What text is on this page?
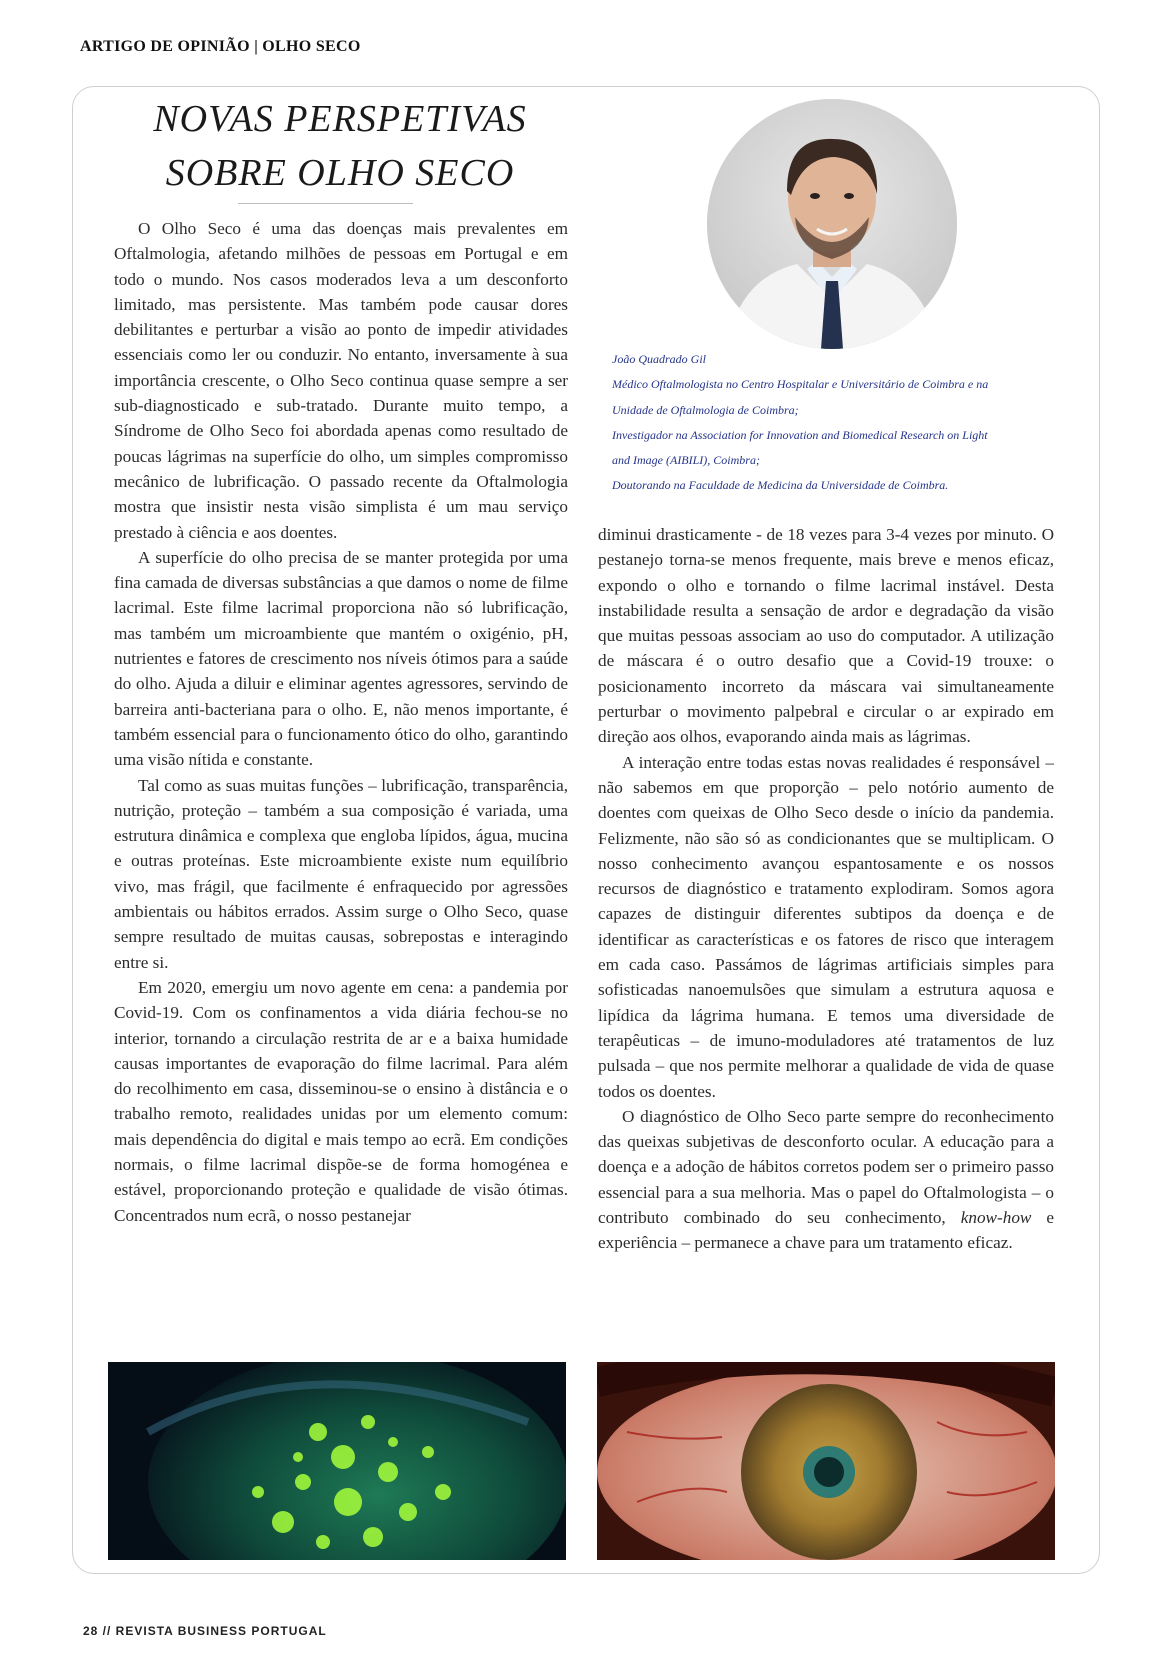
ARTIGO DE OPINIÃO | OLHO SECO
NOVAS PERSPETIVAS
SOBRE OLHO SECO

O Olho Seco é uma das doenças mais prevalentes em Oftalmologia, afetando milhões de pessoas em Portugal e em todo o mundo. Nos casos moderados leva a um desconforto limitado, mas persistente. Mas também pode causar dores debilitantes e perturbar a visão ao ponto de impedir atividades essenciais como ler ou conduzir. No entanto, inversamente à sua importância crescente, o Olho Seco continua quase sempre a ser sub-diagnosticado e sub-tratado. Durante muito tempo, a Síndrome de Olho Seco foi abordada apenas como resultado de poucas lágrimas na superfície do olho, um simples compromisso mecânico de lubrificação. O passado recente da Oftalmologia mostra que insistir nesta visão simplista é um mau serviço prestado à ciência e aos doentes.

A superfície do olho precisa de se manter protegida por uma fina camada de diversas substâncias a que damos o nome de filme lacrimal. Este filme lacrimal proporciona não só lubrificação, mas também um microambiente que mantém o oxigénio, pH, nutrientes e fatores de crescimento nos níveis ótimos para a saúde do olho. Ajuda a diluir e eliminar agentes agressores, servindo de barreira anti-bacteriana para o olho. E, não menos importante, é também essencial para o funcionamento ótico do olho, garantindo uma visão nítida e constante.

Tal como as suas muitas funções – lubrificação, transparência, nutrição, proteção – também a sua composição é variada, uma estrutura dinâmica e complexa que engloba lípidos, água, mucina e outras proteínas. Este microambiente existe num equilíbrio vivo, mas frágil, que facilmente é enfraquecido por agressões ambientais ou hábitos errados. Assim surge o Olho Seco, quase sempre resultado de muitas causas, sobrepostas e interagindo entre si.

Em 2020, emergiu um novo agente em cena: a pandemia por Covid-19. Com os confinamentos a vida diária fechou-se no interior, tornando a circulação restrita de ar e a baixa humidade causas importantes de evaporação do filme lacrimal. Para além do recolhimento em casa, disseminou-se o ensino à distância e o trabalho remoto, realidades unidas por um elemento comum: mais dependência do digital e mais tempo ao ecrã. Em condições normais, o filme lacrimal dispõe-se de forma homogénea e estável, proporcionando proteção e qualidade de visão ótimas. Concentrados num ecrã, o nosso pestanejar

João Quadrado Gil
Médico Oftalmologista no Centro Hospitalar e Universitário de Coimbra e na
Unidade de Oftalmologia de Coimbra;
Investigador na Association for Innovation and Biomedical Research on Light
and Image (AIBILI), Coimbra;
Doutorando na Faculdade de Medicina da Universidade de Coimbra.

diminui drasticamente - de 18 vezes para 3-4 vezes por minuto. O pestanejo torna-se menos frequente, mais breve e menos eficaz, expondo o olho e tornando o filme lacrimal instável. Desta instabilidade resulta a sensação de ardor e degradação da visão que muitas pessoas associam ao uso do computador. A utilização de máscara é o outro desafio que a Covid-19 trouxe: o posicionamento incorreto da máscara vai simultaneamente perturbar o movimento palpebral e circular o ar expirado em direção aos olhos, evaporando ainda mais as lágrimas.

A interação entre todas estas novas realidades é responsável – não sabemos em que proporção – pelo notório aumento de doentes com queixas de Olho Seco desde o início da pandemia. Felizmente, não são só as condicionantes que se multiplicam. O nosso conhecimento avançou espantosamente e os nossos recursos de diagnóstico e tratamento explodiram. Somos agora capazes de distinguir diferentes subtipos da doença e de identificar as características e os fatores de risco que interagem em cada caso. Passámos de lágrimas artificiais simples para sofisticadas nanoemulsões que simulam a estrutura aquosa e lipídica da lágrima humana. E temos uma diversidade de terapêuticas – de imuno-moduladores até tratamentos de luz pulsada – que nos permite melhorar a qualidade de vida de quase todos os doentes.

O diagnóstico de Olho Seco parte sempre do reconhecimento das queixas subjetivas de desconforto ocular. A educação para a doença e a adoção de hábitos corretos podem ser o primeiro passo essencial para a sua melhoria. Mas o papel do Oftalmologista – o contributo combinado do seu conhecimento, know-how e experiência – permanece a chave para um tratamento eficaz.

28 // REVISTA BUSINESS PORTUGAL
